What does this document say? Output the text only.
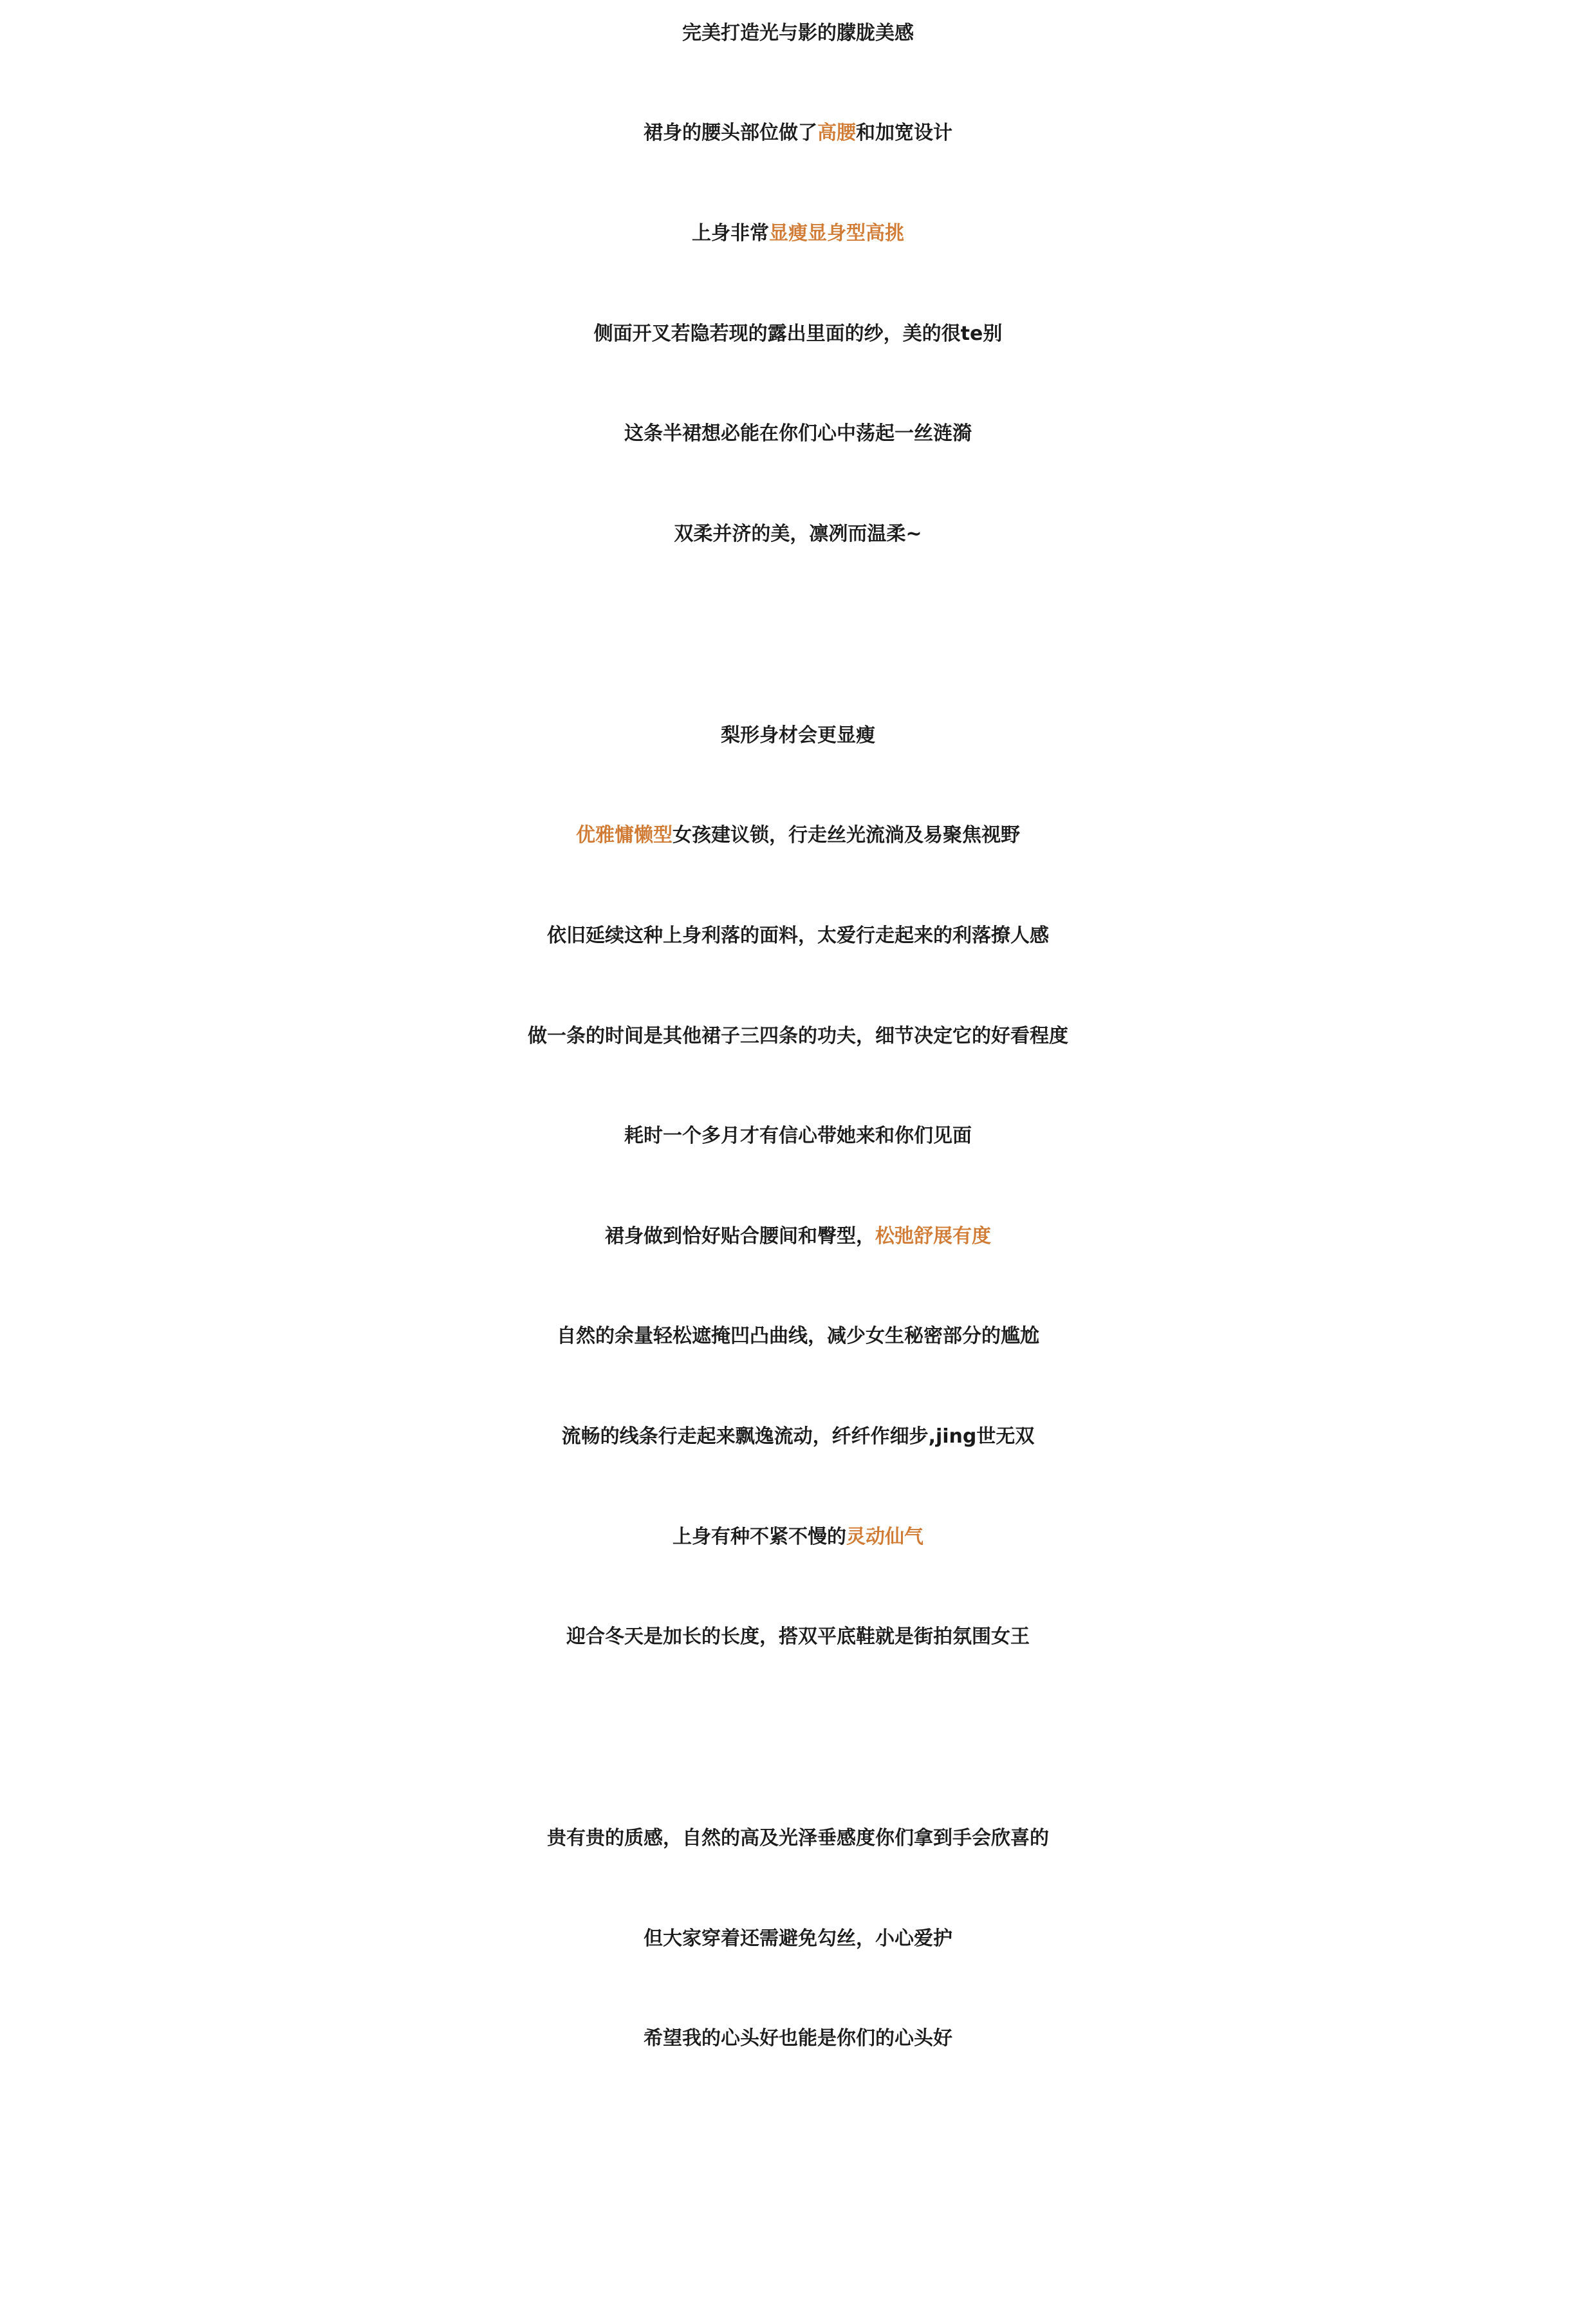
完美打造光与影的朦胧美感
裙身的腰头部位做了高腰和加宽设计
上身非常显瘦显身型高挑
侧面开叉若隐若现的露出里面的纱，美的很te别
这条半裙想必能在你们心中荡起一丝涟漪
双柔并济的美，凛冽而温柔~
梨形身材会更显瘦
优雅慵懒型女孩建议锁，行走丝光流淌及易聚焦视野
依旧延续这种上身利落的面料，太爱行走起来的利落撩人感
做一条的时间是其他裙子三四条的功夫，细节决定它的好看程度
耗时一个多月才有信心带她来和你们见面
裙身做到恰好贴合腰间和臀型，松弛舒展有度
自然的余量轻松遮掩凹凸曲线，减少女生秘密部分的尴尬
流畅的线条行走起来飘逸流动，纤纤作细步,jing世无双
上身有种不紧不慢的灵动仙气
迎合冬天是加长的长度，搭双平底鞋就是街拍氛围女王
贵有贵的质感，自然的高及光泽垂感度你们拿到手会欣喜的
但大家穿着还需避免勾丝，小心爱护
希望我的心头好也能是你们的心头好
